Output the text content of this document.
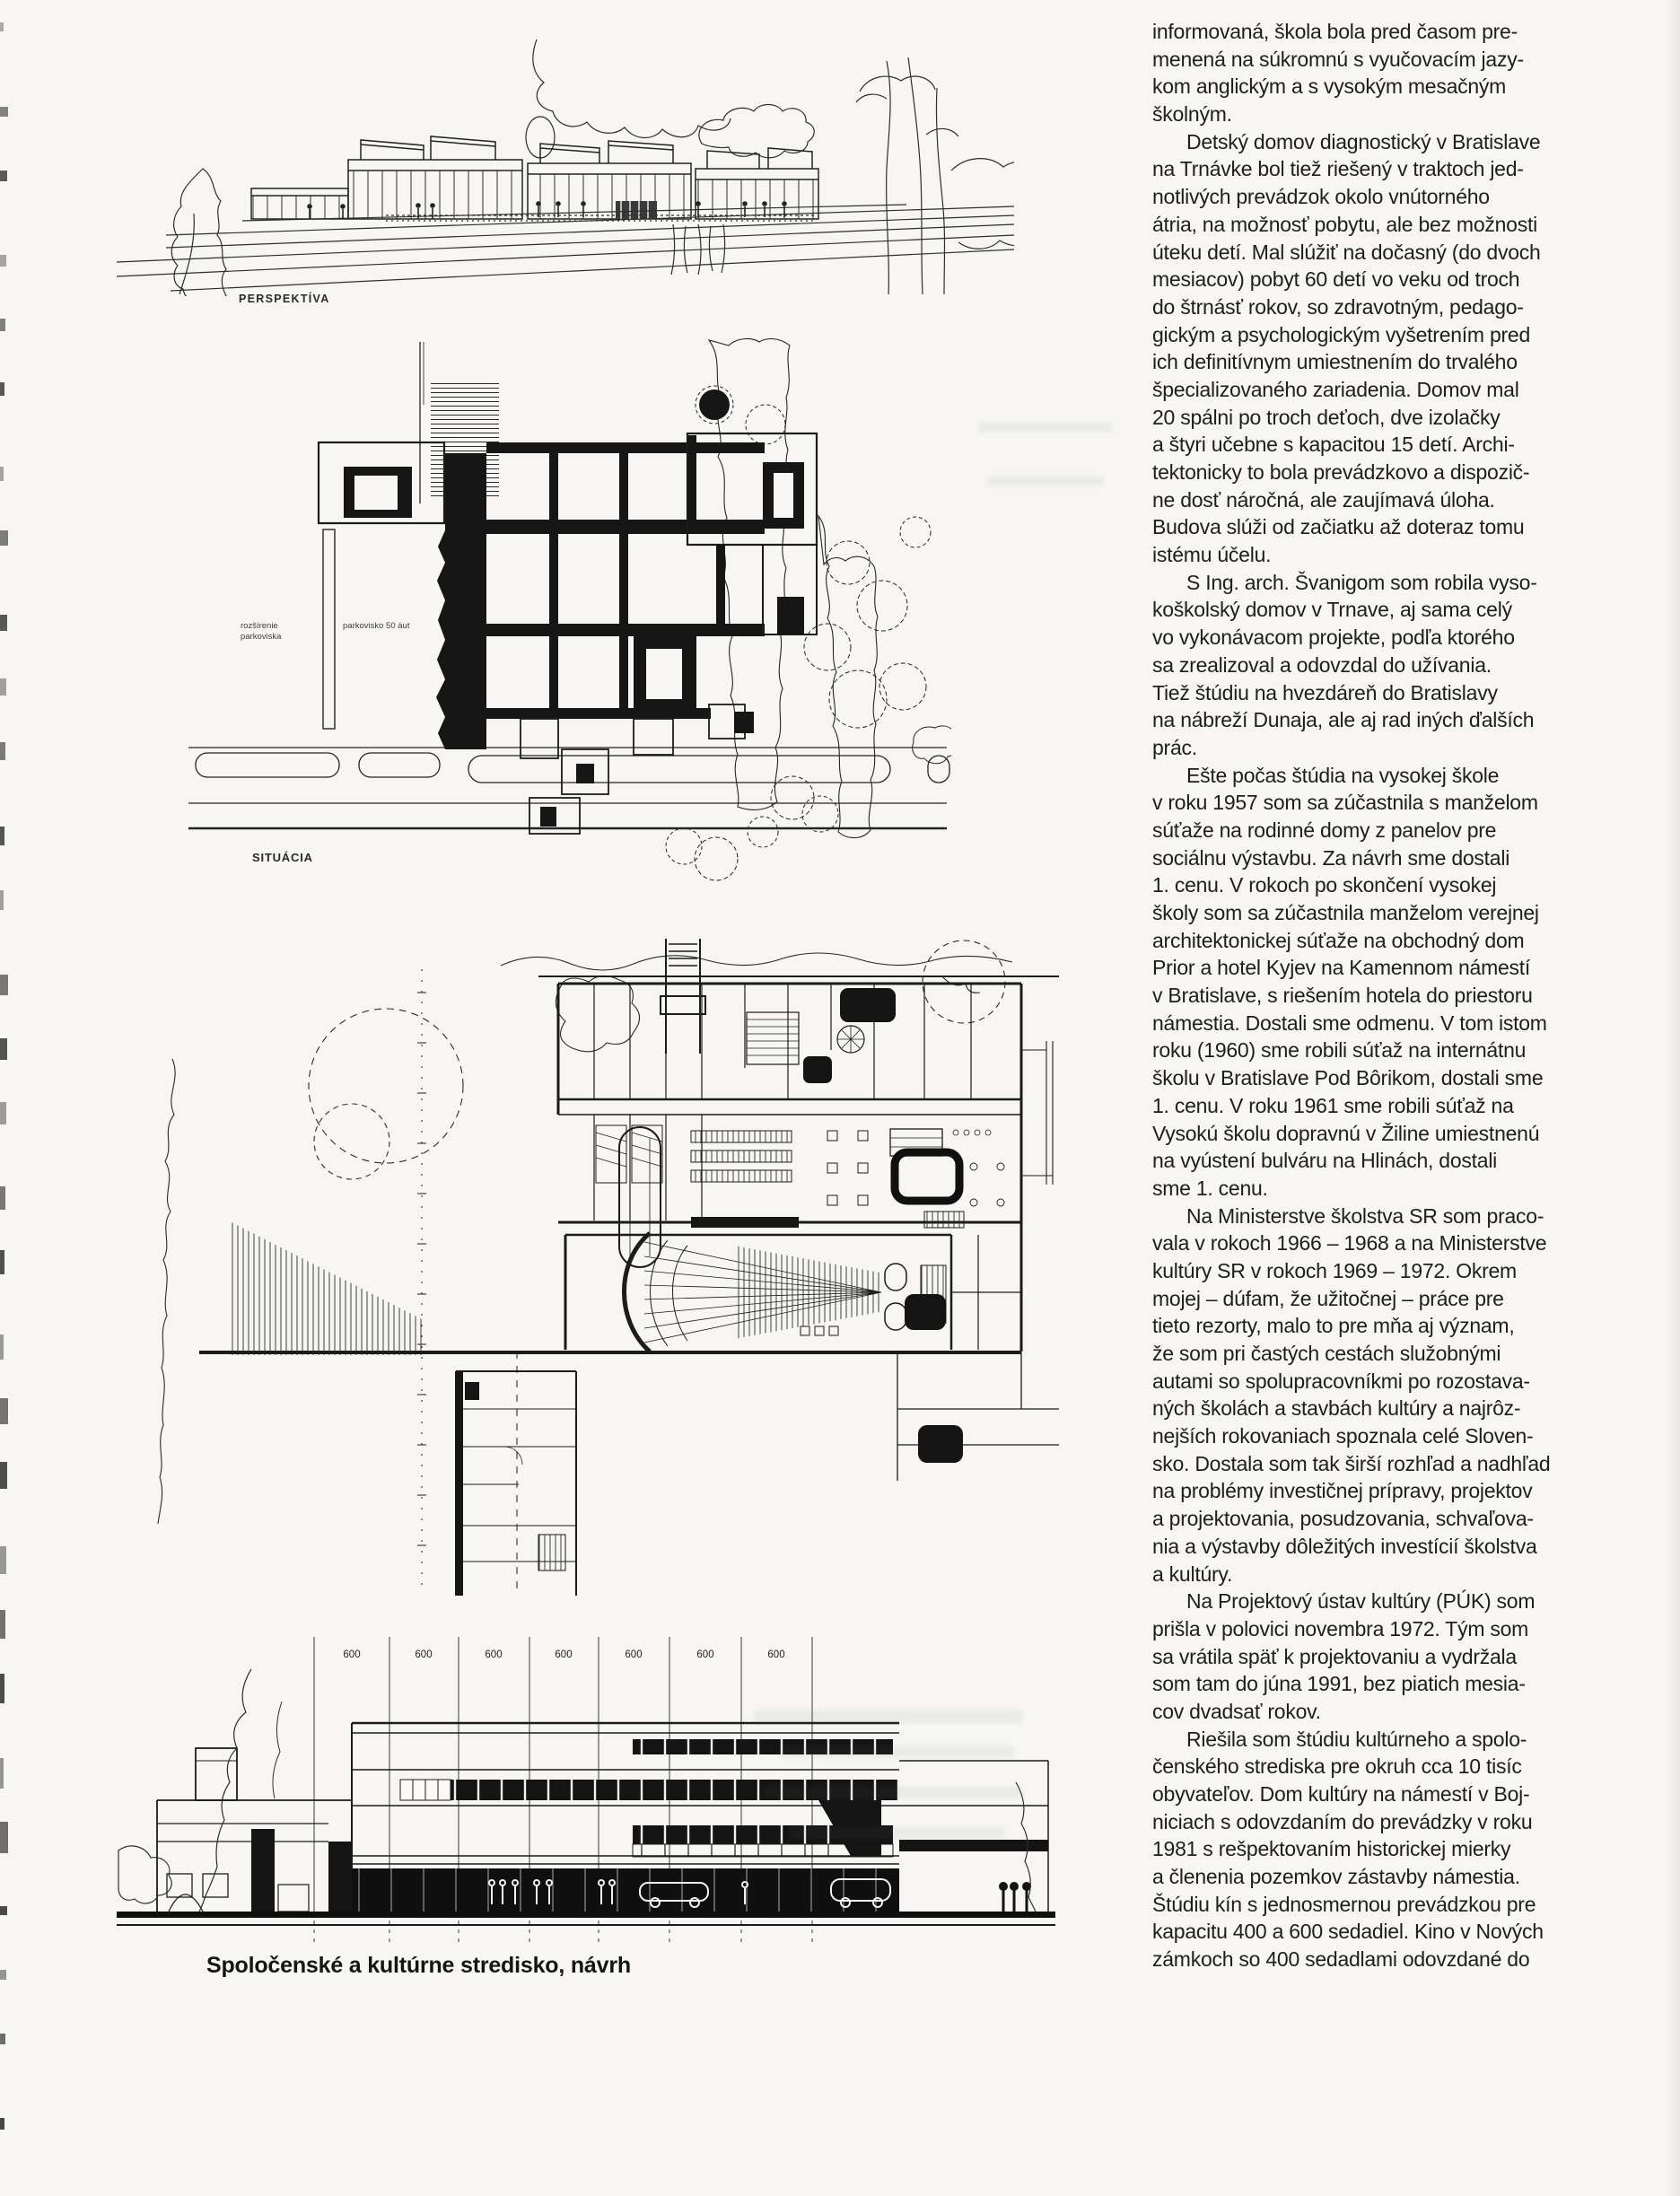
PERSPEKTÍVA
rozšírenie parkoviska
parkovisko 50 áut
SITUÁCIA
600	600	600	600	600	600	600
Spoločenské a kultúrne stredisko, návrh
informovaná, škola bola pred časom pre-
menená na súkromnú s vyučovacím jazy-
kom anglickým a s vysokým mesačným
školným.
Detský domov diagnostický v Bratislave
na Trnávke bol tiež riešený v traktoch jed-
notlivých prevádzok okolo vnútorného
átria, na možnosť pobytu, ale bez možnosti
úteku detí. Mal slúžiť na dočasný (do dvoch
mesiacov) pobyt 60 detí vo veku od troch
do štrnásť rokov, so zdravotným, pedago-
gickým a psychologickým vyšetrením pred
ich definitívnym umiestnením do trvalého
špecializovaného zariadenia. Domov mal
20 spálni po troch deťoch, dve izolačky
a štyri učebne s kapacitou 15 detí. Archi-
tektonicky to bola prevádzkovo a dispozič-
ne dosť náročná, ale zaujímavá úloha.
Budova slúži od začiatku až doteraz tomu
istému účelu.
S Ing. arch. Švanigom som robila vyso-
koškolský domov v Trnave, aj sama celý
vo vykonávacom projekte, podľa ktorého
sa zrealizoval a odovzdal do užívania.
Tiež štúdiu na hvezdáreň do Bratislavy
na nábreží Dunaja, ale aj rad iných ďalších
prác.
Ešte počas štúdia na vysokej škole
v roku 1957 som sa zúčastnila s manželom
súťaže na rodinné domy z panelov pre
sociálnu výstavbu. Za návrh sme dostali
1. cenu. V rokoch po skončení vysokej
školy som sa zúčastnila manželom verejnej
architektonickej súťaže na obchodný dom
Prior a hotel Kyjev na Kamennom námestí
v Bratislave, s riešením hotela do priestoru
námestia. Dostali sme odmenu. V tom istom
roku (1960) sme robili súťaž na internátnu
školu v Bratislave Pod Bôrikom, dostali sme
1. cenu. V roku 1961 sme robili súťaž na
Vysokú školu dopravnú v Žiline umiestnenú
na vyústení bulváru na Hlinách, dostali
sme 1. cenu.
Na Ministerstve školstva SR som praco-
vala v rokoch 1966 – 1968 a na Ministerstve
kultúry SR v rokoch 1969 – 1972. Okrem
mojej – dúfam, že užitočnej – práce pre
tieto rezorty, malo to pre mňa aj význam,
že som pri častých cestách služobnými
autami so spolupracovníkmi po rozostava-
ných školách a stavbách kultúry a najrôz-
nejších rokovaniach spoznala celé Sloven-
sko. Dostala som tak širší rozhľad a nadhľad
na problémy investičnej prípravy, projektov
a projektovania, posudzovania, schvaľova-
nia a výstavby dôležitých investícií školstva
a kultúry.
Na Projektový ústav kultúry (PÚK) som
prišla v polovici novembra 1972. Tým som
sa vrátila späť k projektovaniu a vydržala
som tam do júna 1991, bez piatich mesia-
cov dvadsať rokov.
Riešila som štúdiu kultúrneho a spolo-
čenského strediska pre okruh cca 10 tisíc
obyvateľov. Dom kultúry na námestí v Boj-
niciach s odovzdaním do prevádzky v roku
1981 s rešpektovaním historickej mierky
a členenia pozemkov zástavby námestia.
Štúdiu kín s jednosmernou prevádzkou pre
kapacitu 400 a 600 sedadiel. Kino v Nových
zámkoch so 400 sedadlami odovzdané do
